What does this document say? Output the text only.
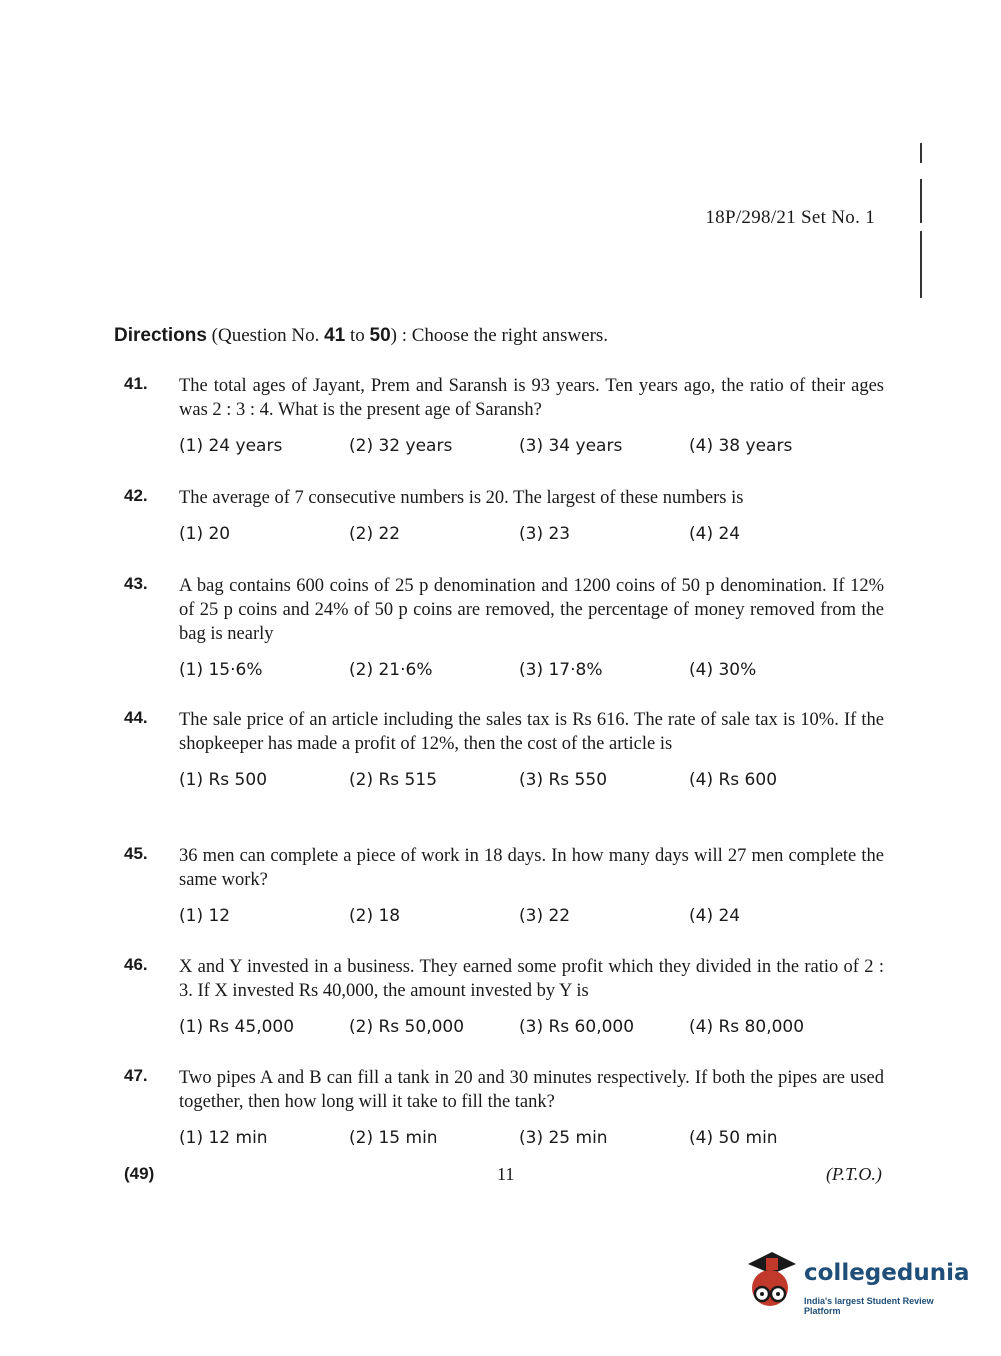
18P/298/21 Set No. 1
Directions (Question No. 41 to 50) : Choose the right answers.
41.	The total ages of Jayant, Prem and Saransh is 93 years. Ten years ago, the ratio of their ages was 2 : 3 : 4. What is the present age of Saransh?
(1) 24 years	(2) 32 years	(3) 34 years	(4) 38 years
42.	The average of 7 consecutive numbers is 20. The largest of these numbers is
(1) 20	(2) 22	(3) 23	(4) 24
43.	A bag contains 600 coins of 25 p denomination and 1200 coins of 50 p denomination. If 12% of 25 p coins and 24% of 50 p coins are removed, the percentage of money removed from the bag is nearly
(1) 15·6%	(2) 21·6%	(3) 17·8%	(4) 30%
44.	The sale price of an article including the sales tax is Rs 616. The rate of sale tax is 10%. If the shopkeeper has made a profit of 12%, then the cost of the article is
(1) Rs 500	(2) Rs 515	(3) Rs 550	(4) Rs 600
45.	36 men can complete a piece of work in 18 days. In how many days will 27 men complete the same work?
(1) 12	(2) 18	(3) 22	(4) 24
46.	X and Y invested in a business. They earned some profit which they divided in the ratio of 2 : 3. If X invested Rs 40,000, the amount invested by Y is
(1) Rs 45,000	(2) Rs 50,000	(3) Rs 60,000	(4) Rs 80,000
47.	Two pipes A and B can fill a tank in 20 and 30 minutes respectively. If both the pipes are used together, then how long will it take to fill the tank?
(1) 12 min	(2) 15 min	(3) 25 min	(4) 50 min
(49)	11	(P.T.O.)
collegedunia
India's largest Student Review Platform
